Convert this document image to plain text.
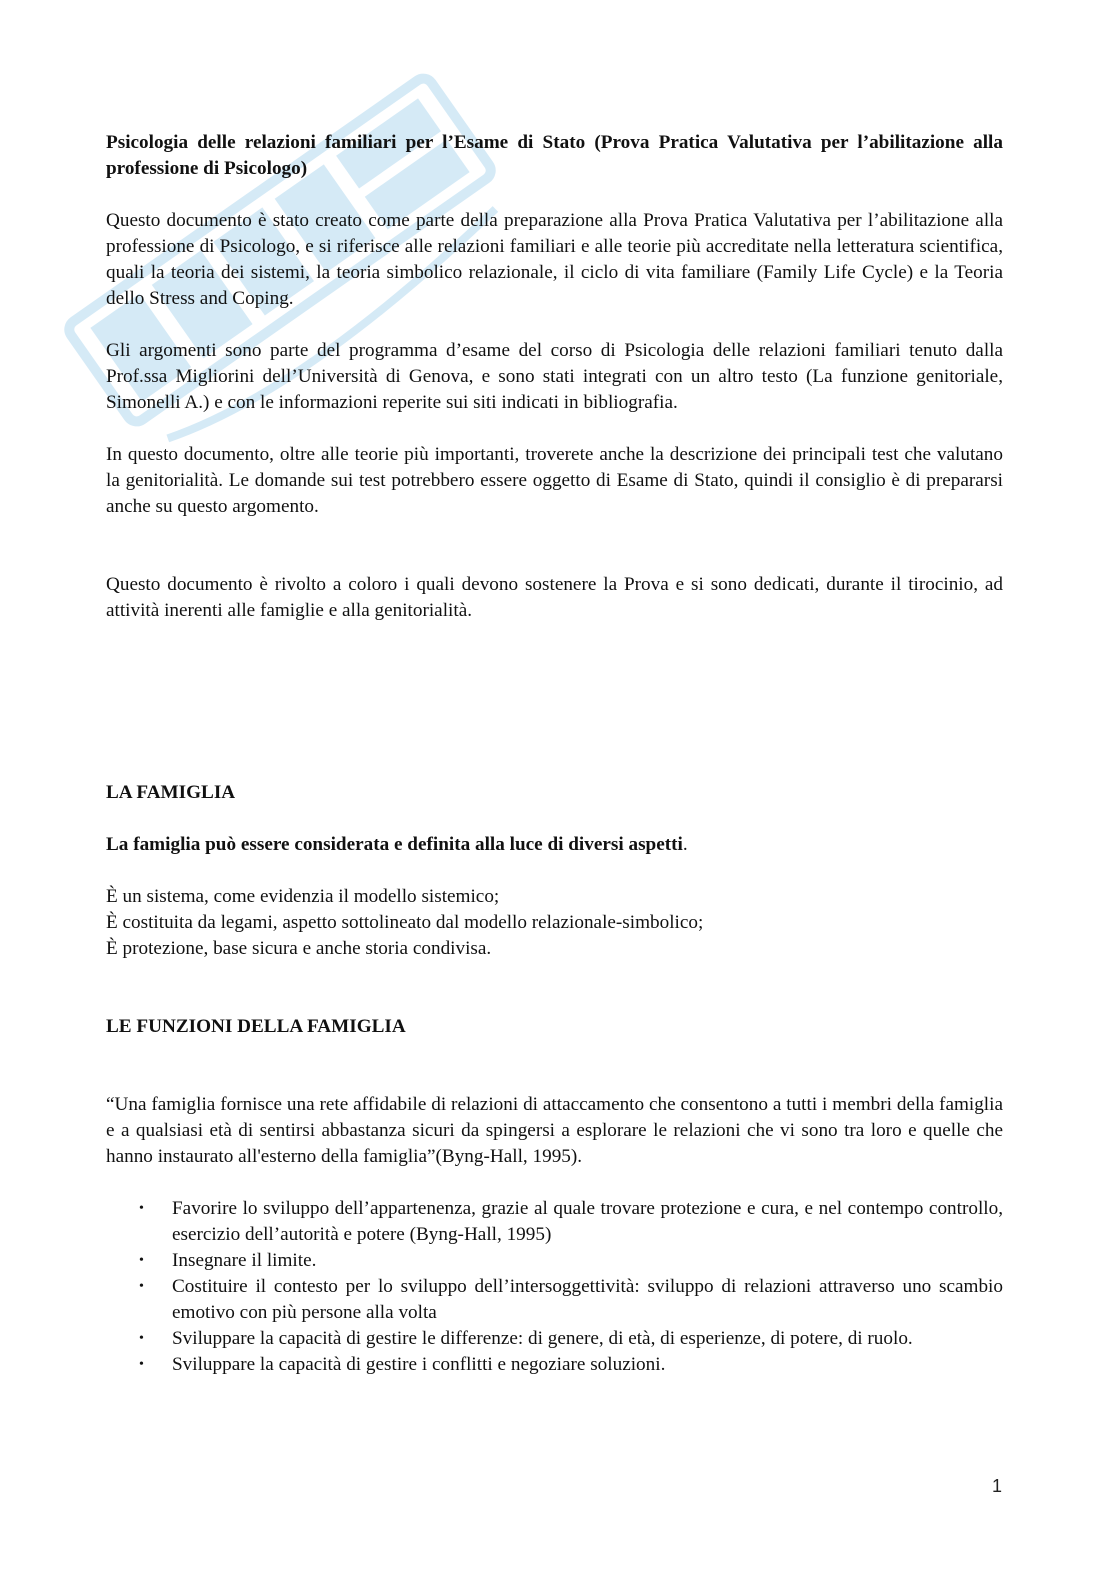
Psicologia delle relazioni familiari per l’Esame di Stato (Prova Pratica Valutativa per l’abilitazione alla professione di Psicologo)

Questo documento è stato creato come parte della preparazione alla Prova Pratica Valutativa per l’abilitazione alla professione di Psicologo, e si riferisce alle relazioni familiari e alle teorie più accreditate nella letteratura scientifica, quali la teoria dei sistemi, la teoria simbolico relazionale, il ciclo di vita familiare (Family Life Cycle) e la Teoria dello Stress and Coping.

Gli argomenti sono parte del programma d’esame del corso di Psicologia delle relazioni familiari tenuto dalla Prof.ssa Migliorini dell’Università di Genova, e sono stati integrati con un altro testo (La funzione genitoriale, Simonelli A.) e con le informazioni reperite sui siti indicati in bibliografia.

In questo documento, oltre alle teorie più importanti, troverete anche la descrizione dei principali test che valutano la genitorialità. Le domande sui test potrebbero essere oggetto di Esame di Stato, quindi il consiglio è di prepararsi anche su questo argomento.

Questo documento è rivolto a coloro i quali devono sostenere la Prova e si sono dedicati, durante il tirocinio, ad attività inerenti alle famiglie e alla genitorialità.

LA FAMIGLIA

La famiglia può essere considerata e definita alla luce di diversi aspetti.

È un sistema, come evidenzia il modello sistemico;
È costituita da legami, aspetto sottolineato dal modello relazionale-simbolico;
È protezione, base sicura e anche storia condivisa.

LE FUNZIONI DELLA FAMIGLIA

“Una famiglia fornisce una rete affidabile di relazioni di attaccamento che consentono a tutti i membri della famiglia e a qualsiasi età di sentirsi abbastanza sicuri da spingersi a esplorare le relazioni che vi sono tra loro e quelle che hanno instaurato all'esterno della famiglia”(Byng-Hall, 1995).

• Favorire lo sviluppo dell’appartenenza, grazie al quale trovare protezione e cura, e nel contempo controllo, esercizio dell’autorità e potere (Byng-Hall, 1995)
• Insegnare il limite.
• Costituire il contesto per lo sviluppo dell’intersoggettività: sviluppo di relazioni attraverso uno scambio emotivo con più persone alla volta
• Sviluppare la capacità di gestire le differenze: di genere, di età, di esperienze, di potere, di ruolo.
• Sviluppare la capacità di gestire i conflitti e negoziare soluzioni.
1
